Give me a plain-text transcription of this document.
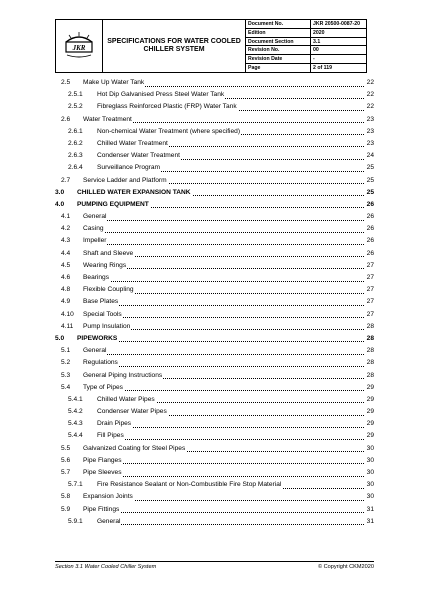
JKR	SPECIFICATIONS FOR WATER COOLED CHILLER SYSTEM	Document No.	JKR 20500-0087-20
		Edition	2020
		Document Section	3.1
		Revision No.	00
		Revision Date	-
		Page	2 of 119
2.5 Make Up Water Tank	22
2.5.1 Hot Dip Galvanised Press Steel Water Tank	22
2.5.2 Fibreglass Reinforced Plastic (FRP) Water Tank	22
2.6 Water Treatment	23
2.6.1 Non-chemical Water Treatment (where specified)	23
2.6.2 Chilled Water Treatment	23
2.6.3 Condenser Water Treatment	24
2.6.4 Surveillance Program	25
2.7 Service Ladder and Platform	25
3.0 CHILLED WATER EXPANSION TANK	25
4.0 PUMPING EQUIPMENT	26
4.1 General	26
4.2 Casing	26
4.3 Impeller	26
4.4 Shaft and Sleeve	26
4.5 Wearing Rings	27
4.6 Bearings	27
4.8 Flexible Coupling	27
4.9 Base Plates	27
4.10 Special Tools	27
4.11 Pump Insulation	28
5.0 PIPEWORKS	28
5.1 General	28
5.2 Regulations	28
5.3 General Piping Instructions	28
5.4 Type of Pipes	29
5.4.1 Chilled Water Pipes	29
5.4.2 Condenser Water Pipes	29
5.4.3 Drain Pipes	29
5.4.4 Fill Pipes	29
5.5 Galvanized Coating for Steel Pipes	30
5.6 Pipe Flanges	30
5.7 Pipe Sleeves	30
5.7.1 Fire Resistance Sealant or Non-Combustible Fire Stop Material	30
5.8 Expansion Joints	30
5.9 Pipe Fittings	31
5.9.1 General	31
Section 3.1 Water Cooled Chiller System	© Copyright CKM2020
